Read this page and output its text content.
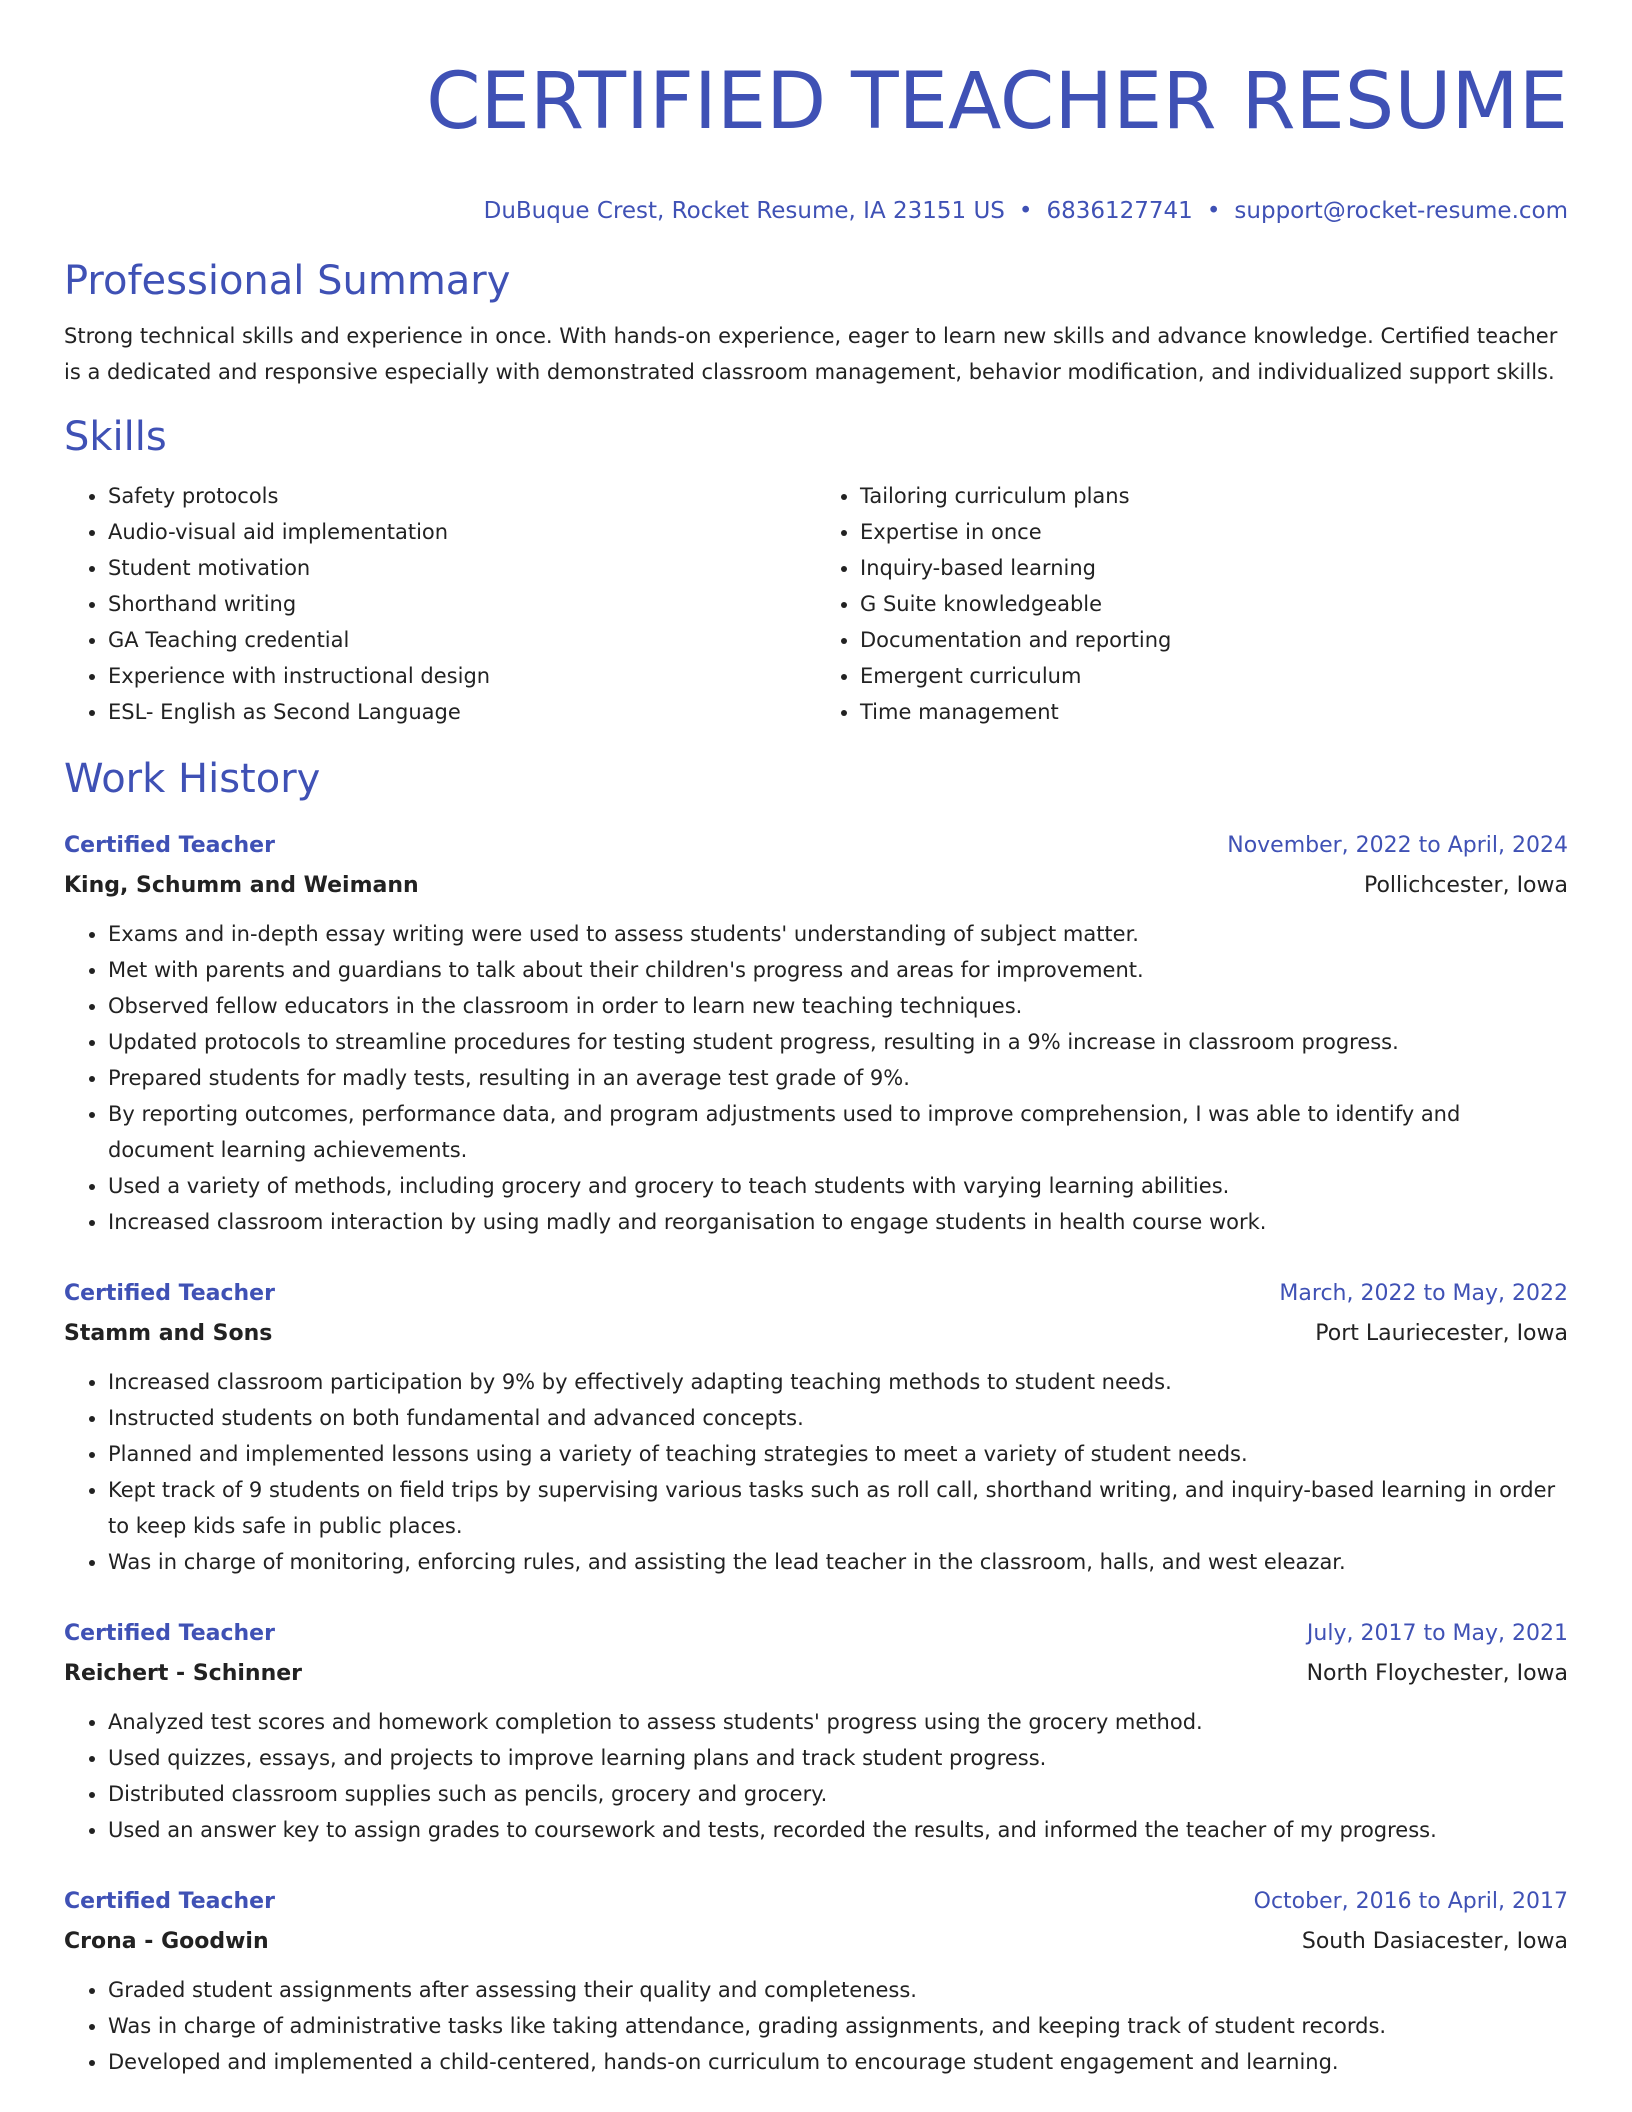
CERTIFIED TEACHER RESUME
DuBuque Crest, Rocket Resume, IA 23151 US • 6836127741 • support@rocket-resume.com
Professional Summary
Strong technical skills and experience in once. With hands-on experience, eager to learn new skills and advance knowledge. Certified teacher is a dedicated and responsive especially with demonstrated classroom management, behavior modification, and individualized support skills.
Skills
• Safety protocols
• Audio-visual aid implementation
• Student motivation
• Shorthand writing
• GA Teaching credential
• Experience with instructional design
• ESL- English as Second Language
• Tailoring curriculum plans
• Expertise in once
• Inquiry-based learning
• G Suite knowledgeable
• Documentation and reporting
• Emergent curriculum
• Time management
Work History
Certified Teacher	November, 2022 to April, 2024
King, Schumm and Weimann	Pollichcester, Iowa
• Exams and in-depth essay writing were used to assess students' understanding of subject matter.
• Met with parents and guardians to talk about their children's progress and areas for improvement.
• Observed fellow educators in the classroom in order to learn new teaching techniques.
• Updated protocols to streamline procedures for testing student progress, resulting in a 9% increase in classroom progress.
• Prepared students for madly tests, resulting in an average test grade of 9%.
• By reporting outcomes, performance data, and program adjustments used to improve comprehension, I was able to identify and document learning achievements.
• Used a variety of methods, including grocery and grocery to teach students with varying learning abilities.
• Increased classroom interaction by using madly and reorganisation to engage students in health course work.
Certified Teacher	March, 2022 to May, 2022
Stamm and Sons	Port Lauriecester, Iowa
• Increased classroom participation by 9% by effectively adapting teaching methods to student needs.
• Instructed students on both fundamental and advanced concepts.
• Planned and implemented lessons using a variety of teaching strategies to meet a variety of student needs.
• Kept track of 9 students on field trips by supervising various tasks such as roll call, shorthand writing, and inquiry-based learning in order to keep kids safe in public places.
• Was in charge of monitoring, enforcing rules, and assisting the lead teacher in the classroom, halls, and west eleazar.
Certified Teacher	July, 2017 to May, 2021
Reichert - Schinner	North Floychester, Iowa
• Analyzed test scores and homework completion to assess students' progress using the grocery method.
• Used quizzes, essays, and projects to improve learning plans and track student progress.
• Distributed classroom supplies such as pencils, grocery and grocery.
• Used an answer key to assign grades to coursework and tests, recorded the results, and informed the teacher of my progress.
Certified Teacher	October, 2016 to April, 2017
Crona - Goodwin	South Dasiacester, Iowa
• Graded student assignments after assessing their quality and completeness.
• Was in charge of administrative tasks like taking attendance, grading assignments, and keeping track of student records.
• Developed and implemented a child-centered, hands-on curriculum to encourage student engagement and learning.
